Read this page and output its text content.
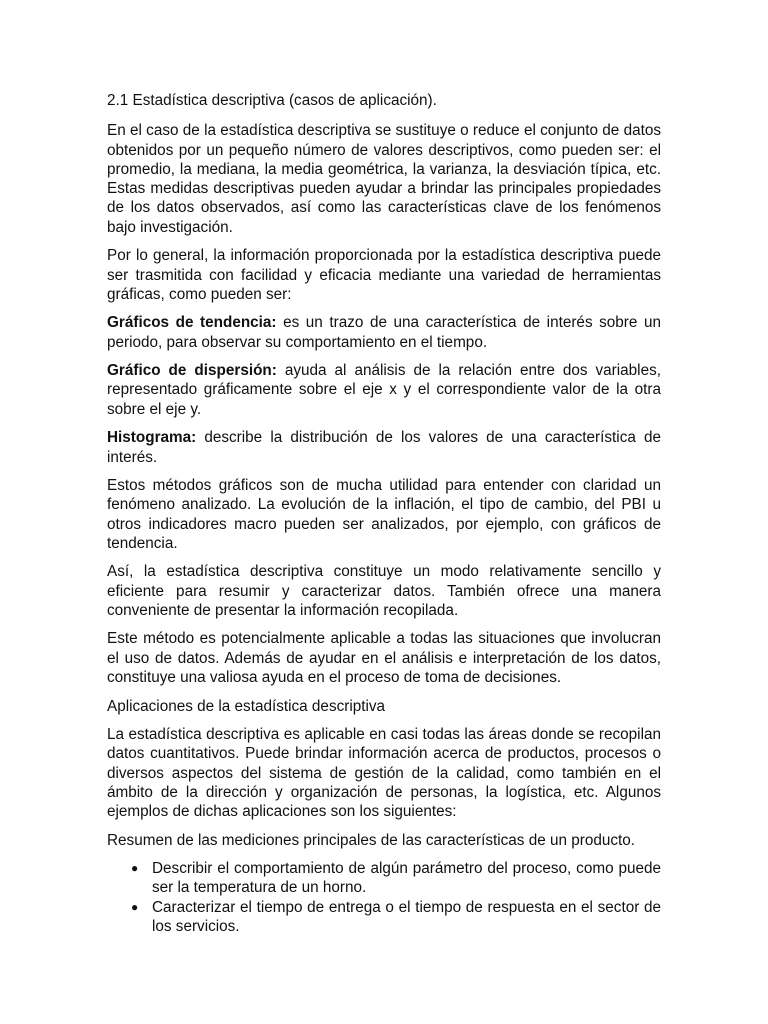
2.1 Estadística descriptiva (casos de aplicación).

En el caso de la estadística descriptiva se sustituye o reduce el conjunto de datos obtenidos por un pequeño número de valores descriptivos, como pueden ser: el promedio, la mediana, la media geométrica, la varianza, la desviación típica, etc. Estas medidas descriptivas pueden ayudar a brindar las principales propiedades de los datos observados, así como las características clave de los fenómenos bajo investigación.

Por lo general, la información proporcionada por la estadística descriptiva puede ser trasmitida con facilidad y eficacia mediante una variedad de herramientas gráficas, como pueden ser:

Gráficos de tendencia: es un trazo de una característica de interés sobre un periodo, para observar su comportamiento en el tiempo.

Gráfico de dispersión: ayuda al análisis de la relación entre dos variables, representado gráficamente sobre el eje x y el correspondiente valor de la otra sobre el eje y.

Histograma: describe la distribución de los valores de una característica de interés.

Estos métodos gráficos son de mucha utilidad para entender con claridad un fenómeno analizado. La evolución de la inflación, el tipo de cambio, del PBI u otros indicadores macro pueden ser analizados, por ejemplo, con gráficos de tendencia.

Así, la estadística descriptiva constituye un modo relativamente sencillo y eficiente para resumir y caracterizar datos. También ofrece una manera conveniente de presentar la información recopilada.

Este método es potencialmente aplicable a todas las situaciones que involucran el uso de datos. Además de ayudar en el análisis e interpretación de los datos, constituye una valiosa ayuda en el proceso de toma de decisiones.

Aplicaciones de la estadística descriptiva

La estadística descriptiva es aplicable en casi todas las áreas donde se recopilan datos cuantitativos. Puede brindar información acerca de productos, procesos o diversos aspectos del sistema de gestión de la calidad, como también en el ámbito de la dirección y organización de personas, la logística, etc. Algunos ejemplos de dichas aplicaciones son los siguientes:

Resumen de las mediciones principales de las características de un producto.

● Describir el comportamiento de algún parámetro del proceso, como puede ser la temperatura de un horno.
● Caracterizar el tiempo de entrega o el tiempo de respuesta en el sector de los servicios.
